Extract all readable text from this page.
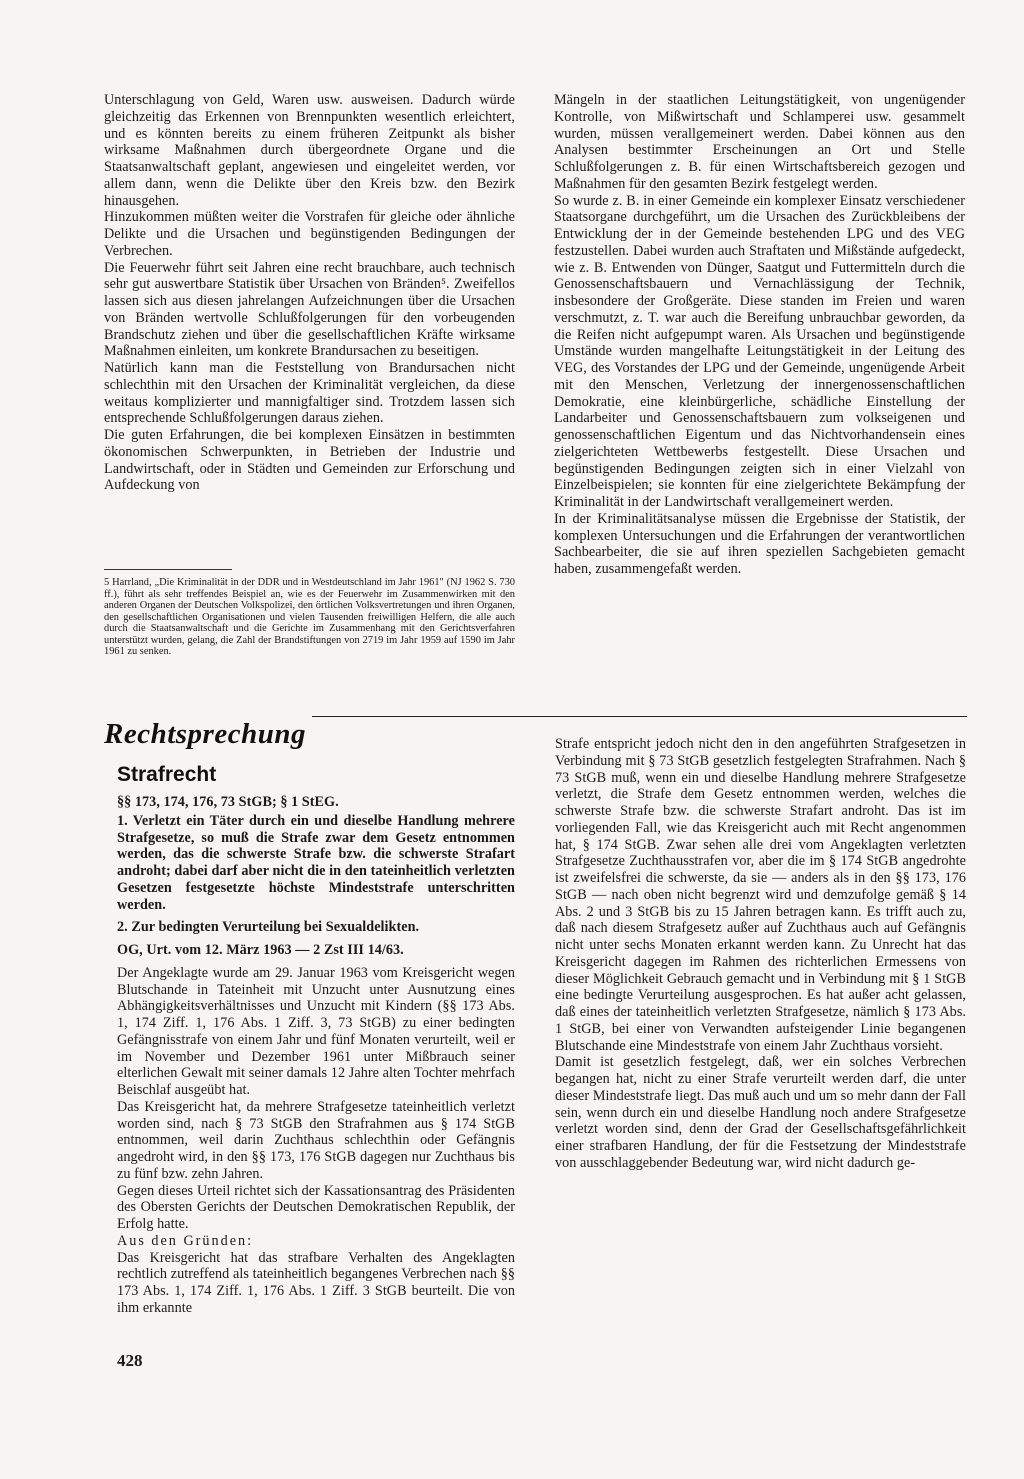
Unterschlagung von Geld, Waren usw. ausweisen. Dadurch würde gleichzeitig das Erkennen von Brennpunkten wesentlich erleichtert, und es könnten bereits zu einem früheren Zeitpunkt als bisher wirksame Maßnahmen durch übergeordnete Organe und die Staatsanwaltschaft geplant, angewiesen und eingeleitet werden, vor allem dann, wenn die Delikte über den Kreis bzw. den Bezirk hinausgehen.

Hinzukommen müßten weiter die Vorstrafen für gleiche oder ähnliche Delikte und die Ursachen und begünstigenden Bedingungen der Verbrechen.

Die Feuerwehr führt seit Jahren eine recht brauchbare, auch technisch sehr gut auswertbare Statistik über Ursachen von Bränden⁵. Zweifellos lassen sich aus diesen jahrelangen Aufzeichnungen über die Ursachen von Bränden wertvolle Schlußfolgerungen für den vorbeugenden Brandschutz ziehen und über die gesellschaftlichen Kräfte wirksame Maßnahmen einleiten, um konkrete Brandursachen zu beseitigen.

Natürlich kann man die Feststellung von Brandursachen nicht schlechthin mit den Ursachen der Kriminalität vergleichen, da diese weitaus komplizierter und mannigfaltiger sind. Trotzdem lassen sich entsprechende Schlußfolgerungen daraus ziehen.

Die guten Erfahrungen, die bei komplexen Einsätzen in bestimmten ökonomischen Schwerpunkten, in Betrieben der Industrie und Landwirtschaft, oder in Städten und Gemeinden zur Erforschung und Aufdeckung von

5 Harrland, „Die Kriminalität in der DDR und in Westdeutschland im Jahr 1961" (NJ 1962 S. 730 ff.), führt als sehr treffendes Beispiel an, wie es der Feuerwehr im Zusammenwirken mit den anderen Organen der Deutschen Volkspolizei, den örtlichen Volksvertretungen und ihren Organen, den gesellschaftlichen Organisationen und vielen Tausenden freiwilligen Helfern, die alle auch durch die Staatsanwaltschaft und die Gerichte im Zusammenhang mit den Gerichtsverfahren unterstützt wurden, gelang, die Zahl der Brandstiftungen von 2719 im Jahr 1959 auf 1590 im Jahr 1961 zu senken.

Mängeln in der staatlichen Leitungstätigkeit, von ungenügender Kontrolle, von Mißwirtschaft und Schlamperei usw. gesammelt wurden, müssen verallgemeinert werden. Dabei können aus den Analysen bestimmter Erscheinungen an Ort und Stelle Schlußfolgerungen z. B. für einen Wirtschaftsbereich gezogen und Maßnahmen für den gesamten Bezirk festgelegt werden.

So wurde z. B. in einer Gemeinde ein komplexer Einsatz verschiedener Staatsorgane durchgeführt, um die Ursachen des Zurückbleibens der Entwicklung der in der Gemeinde bestehenden LPG und des VEG festzustellen. Dabei wurden auch Straftaten und Mißstände aufgedeckt, wie z. B. Entwenden von Dünger, Saatgut und Futtermitteln durch die Genossenschaftsbauern und Vernachlässigung der Technik, insbesondere der Großgeräte. Diese standen im Freien und waren verschmutzt, z. T. war auch die Bereifung unbrauchbar geworden, da die Reifen nicht aufgepumpt waren. Als Ursachen und begünstigende Umstände wurden mangelhafte Leitungstätigkeit in der Leitung des VEG, des Vorstandes der LPG und der Gemeinde, ungenügende Arbeit mit den Menschen, Verletzung der innergenossenschaftlichen Demokratie, eine kleinbürgerliche, schädliche Einstellung der Landarbeiter und Genossenschaftsbauern zum volkseigenen und genossenschaftlichen Eigentum und das Nichtvorhandensein eines zielgerichteten Wettbewerbs festgestellt. Diese Ursachen und begünstigenden Bedingungen zeigten sich in einer Vielzahl von Einzelbeispielen; sie konnten für eine zielgerichtete Bekämpfung der Kriminalität in der Landwirtschaft verallgemeinert werden.

In der Kriminalitätsanalyse müssen die Ergebnisse der Statistik, der komplexen Untersuchungen und die Erfahrungen der verantwortlichen Sachbearbeiter, die sie auf ihren speziellen Sachgebieten gemacht haben, zusammengefaßt werden.

Rechtsprechung
Strafrecht

§§ 173, 174, 176, 73 StGB; § 1 StEG.

1. Verletzt ein Täter durch ein und dieselbe Handlung mehrere Strafgesetze, so muß die Strafe zwar dem Gesetz entnommen werden, das die schwerste Strafe bzw. die schwerste Strafart androht; dabei darf aber nicht die in den tateinheitlich verletzten Gesetzen festgesetzte höchste Mindeststrafe unterschritten werden.

2. Zur bedingten Verurteilung bei Sexualdelikten.

OG, Urt. vom 12. März 1963 — 2 Zst III 14/63.

Der Angeklagte wurde am 29. Januar 1963 vom Kreisgericht wegen Blutschande in Tateinheit mit Unzucht unter Ausnutzung eines Abhängigkeitsverhältnisses und Unzucht mit Kindern (§§ 173 Abs. 1, 174 Ziff. 1, 176 Abs. 1 Ziff. 3, 73 StGB) zu einer bedingten Gefängnisstrafe von einem Jahr und fünf Monaten verurteilt, weil er im November und Dezember 1961 unter Mißbrauch seiner elterlichen Gewalt mit seiner damals 12 Jahre alten Tochter mehrfach Beischlaf ausgeübt hat.

Das Kreisgericht hat, da mehrere Strafgesetze tateinheitlich verletzt worden sind, nach § 73 StGB den Strafrahmen aus § 174 StGB entnommen, weil darin Zuchthaus schlechthin oder Gefängnis angedroht wird, in den §§ 173, 176 StGB dagegen nur Zuchthaus bis zu fünf bzw. zehn Jahren.

Gegen dieses Urteil richtet sich der Kassationsantrag des Präsidenten des Obersten Gerichts der Deutschen Demokratischen Republik, der Erfolg hatte.

Aus den Gründen:

Das Kreisgericht hat das strafbare Verhalten des Angeklagten rechtlich zutreffend als tateinheitlich begangenes Verbrechen nach §§ 173 Abs. 1, 174 Ziff. 1, 176 Abs. 1 Ziff. 3 StGB beurteilt. Die von ihm erkannte

Strafe entspricht jedoch nicht den in den angeführten Strafgesetzen in Verbindung mit § 73 StGB gesetzlich festgelegten Strafrahmen. Nach § 73 StGB muß, wenn ein und dieselbe Handlung mehrere Strafgesetze verletzt, die Strafe dem Gesetz entnommen werden, welches die schwerste Strafe bzw. die schwerste Strafart androht. Das ist im vorliegenden Fall, wie das Kreisgericht auch mit Recht angenommen hat, § 174 StGB. Zwar sehen alle drei vom Angeklagten verletzten Strafgesetze Zuchthausstrafen vor, aber die im § 174 StGB angedrohte ist zweifelsfrei die schwerste, da sie — anders als in den §§ 173, 176 StGB — nach oben nicht begrenzt wird und demzufolge gemäß § 14 Abs. 2 und 3 StGB bis zu 15 Jahren betragen kann. Es trifft auch zu, daß nach diesem Strafgesetz außer auf Zuchthaus auch auf Gefängnis nicht unter sechs Monaten erkannt werden kann. Zu Unrecht hat das Kreisgericht dagegen im Rahmen des richterlichen Ermessens von dieser Möglichkeit Gebrauch gemacht und in Verbindung mit § 1 StGB eine bedingte Verurteilung ausgesprochen. Es hat außer acht gelassen, daß eines der tateinheitlich verletzten Strafgesetze, nämlich § 173 Abs. 1 StGB, bei einer von Verwandten aufsteigender Linie begangenen Blutschande eine Mindeststrafe von einem Jahr Zuchthaus vorsieht.

Damit ist gesetzlich festgelegt, daß, wer ein solches Verbrechen begangen hat, nicht zu einer Strafe verurteilt werden darf, die unter dieser Mindeststrafe liegt. Das muß auch und um so mehr dann der Fall sein, wenn durch ein und dieselbe Handlung noch andere Strafgesetze verletzt worden sind, denn der Grad der Gesellschaftsgefährlichkeit einer strafbaren Handlung, der für die Festsetzung der Mindeststrafe von ausschlaggebender Bedeutung war, wird nicht dadurch ge-

428
